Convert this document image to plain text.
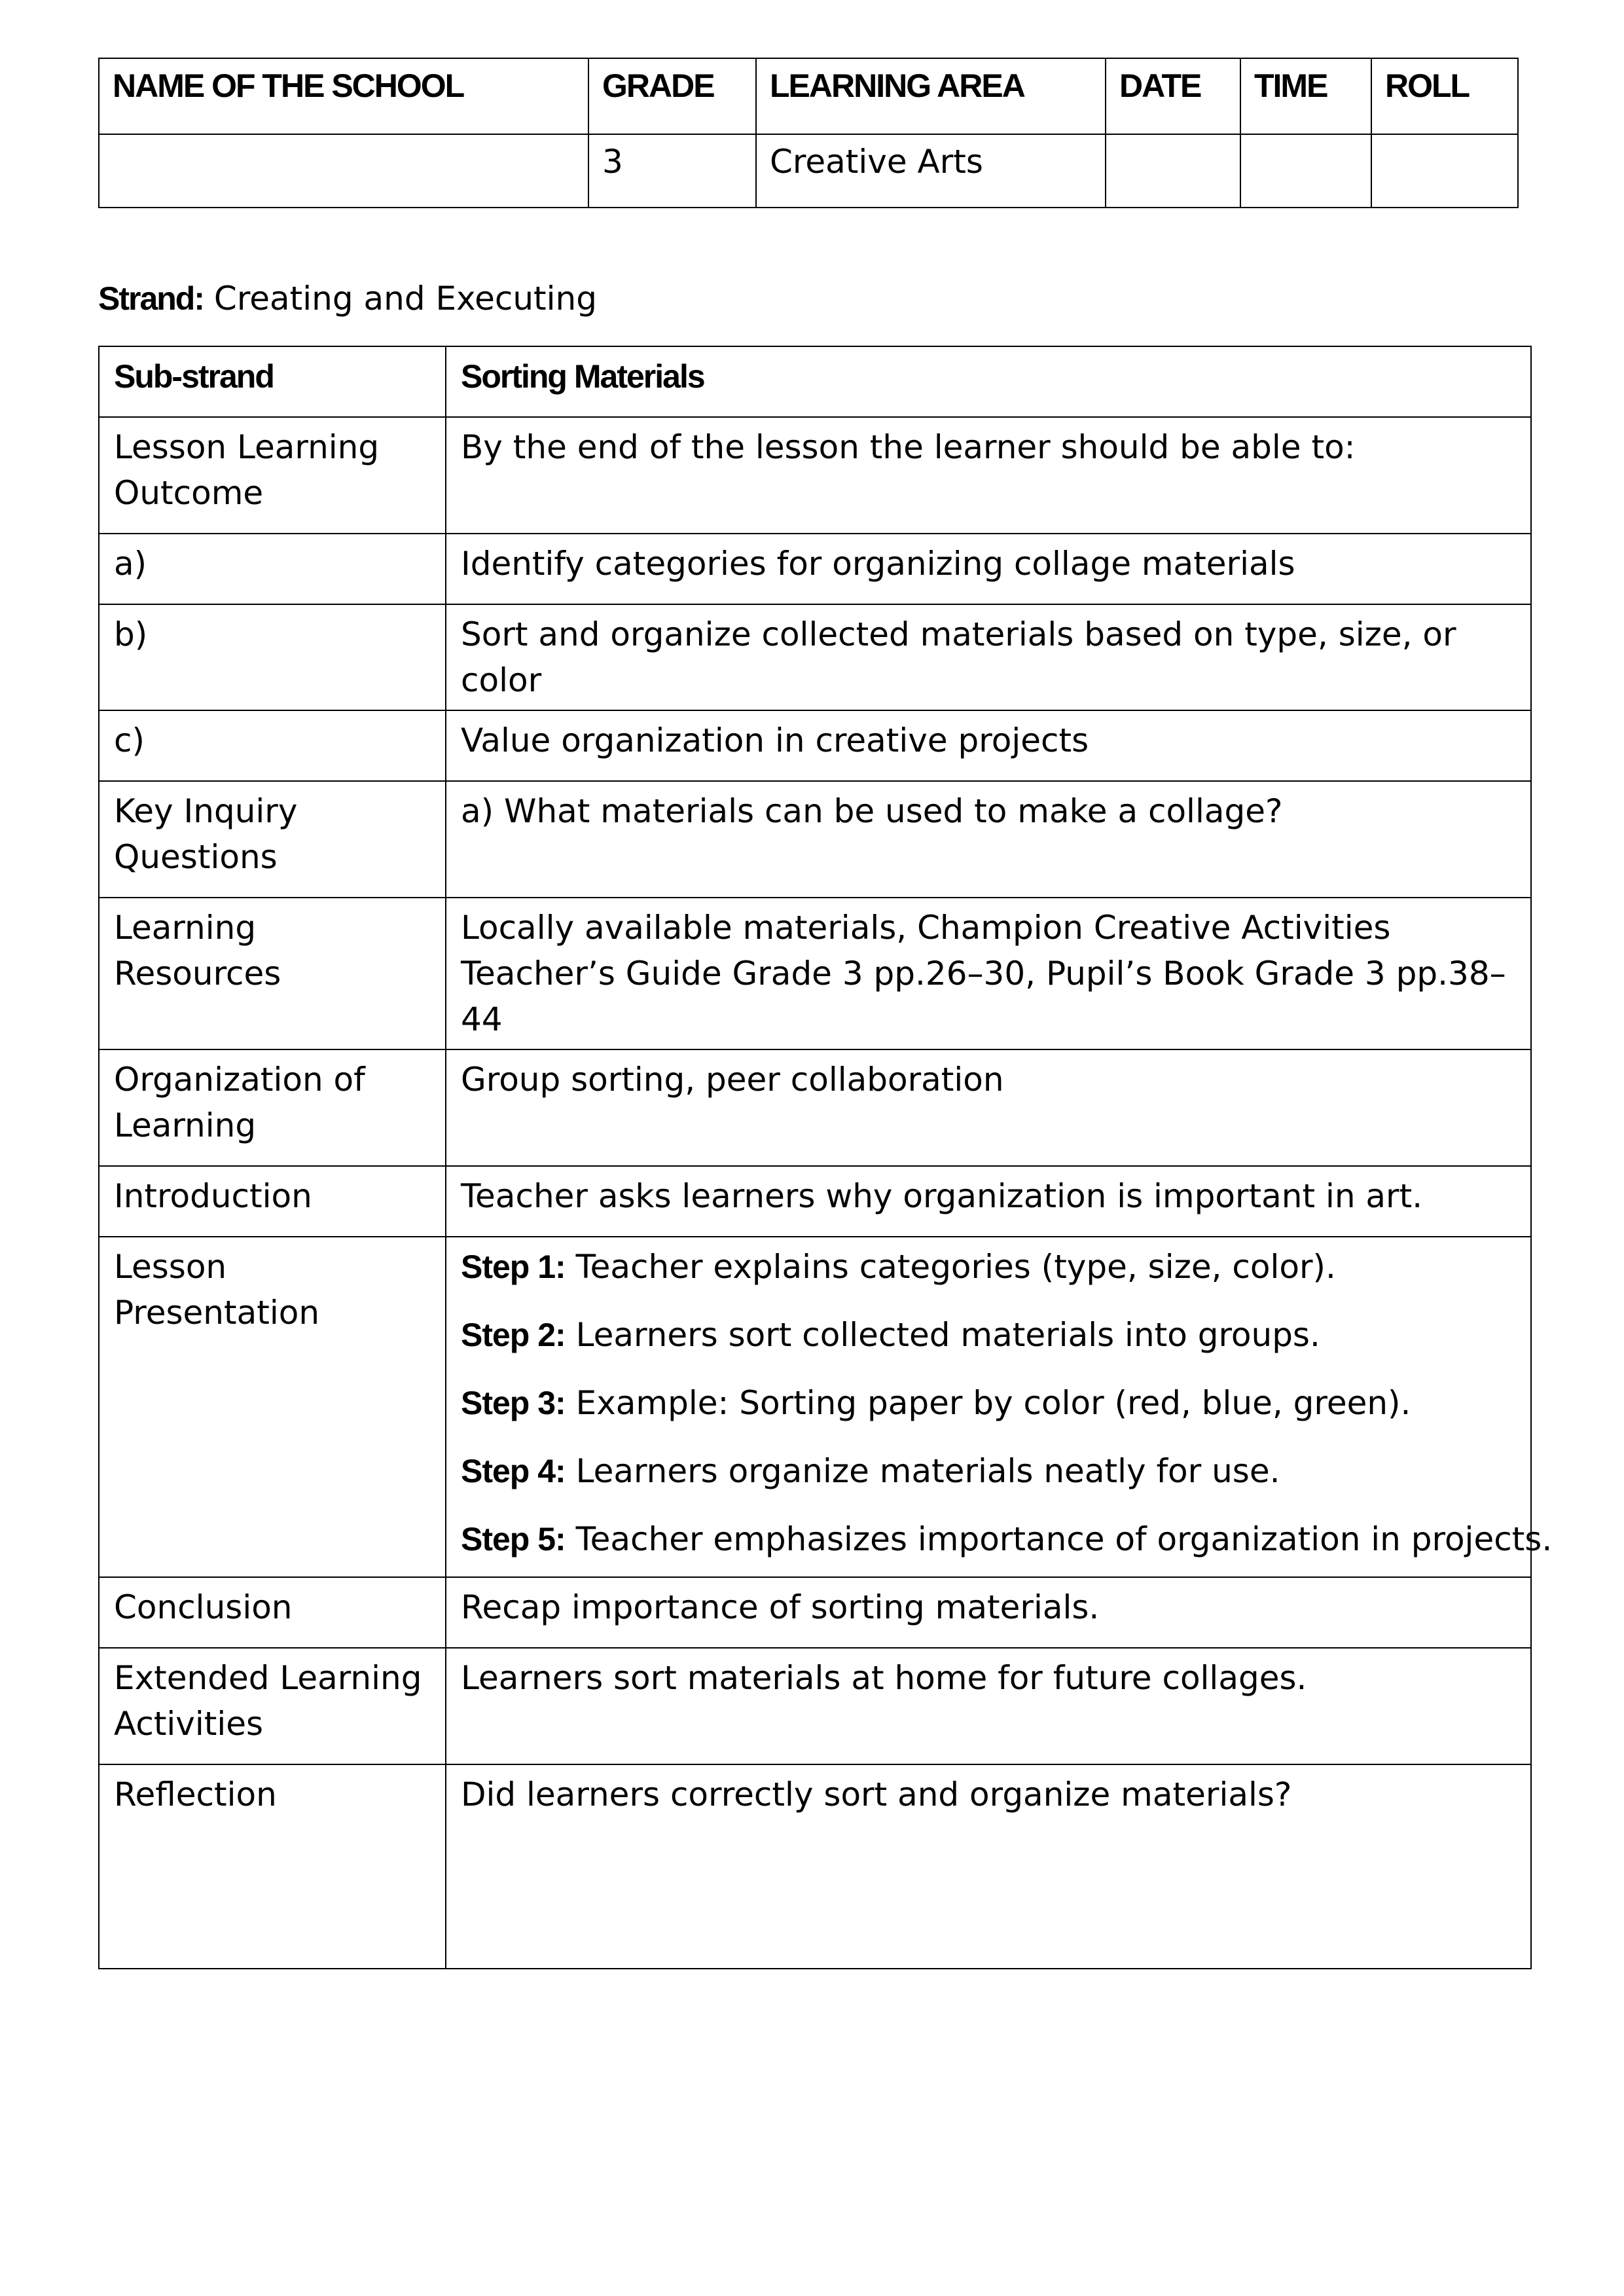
NAME OF THE SCHOOL	GRADE	LEARNING AREA	DATE	TIME	ROLL
	3	Creative Arts			
Strand: Creating and Executing
Sub-strand	Sorting Materials
Lesson Learning Outcome	By the end of the lesson the learner should be able to:
a)	Identify categories for organizing collage materials
b)	Sort and organize collected materials based on type, size, or color
c)	Value organization in creative projects
Key Inquiry Questions	a) What materials can be used to make a collage?
Learning Resources	Locally available materials, Champion Creative Activities Teacher’s Guide Grade 3 pp.26–30, Pupil’s Book Grade 3 pp.38–44
Organization of Learning	Group sorting, peer collaboration
Introduction	Teacher asks learners why organization is important in art.
Lesson Presentation	Step 1: Teacher explains categories (type, size, color).
Step 2: Learners sort collected materials into groups.
Step 3: Example: Sorting paper by color (red, blue, green).
Step 4: Learners organize materials neatly for use.
Step 5: Teacher emphasizes importance of organization in projects.

Conclusion	Recap importance of sorting materials.
Extended Learning Activities	Learners sort materials at home for future collages.
Reflection	Did learners correctly sort and organize materials?
